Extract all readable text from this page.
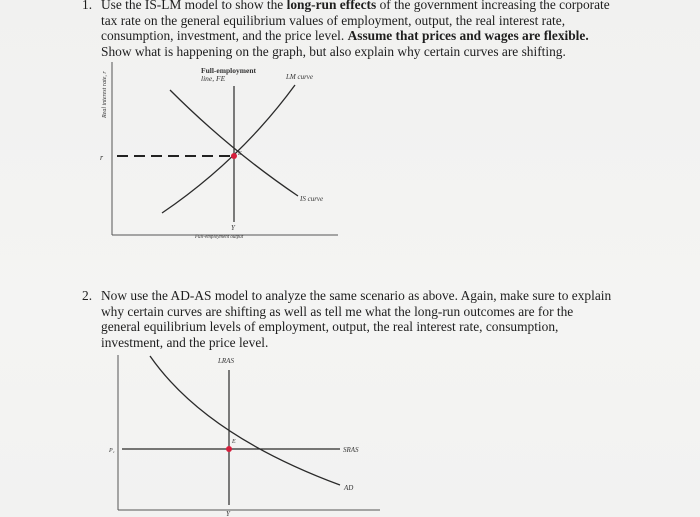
1. Use the IS-LM model to show the long-run effects of the government increasing the corporate
tax rate on the general equilibrium values of employment, output, the real interest rate,
consumption, investment, and the price level. Assume that prices and wages are flexible.
Show what is happening on the graph, but also explain why certain curves are shifting.
Real interest rate, r
Full-employment
line, FE	LM curve
r	E
IS curve
Y
Full-employment output
2. Now use the AD-AS model to analyze the same scenario as above. Again, make sure to explain
why certain curves are shifting as well as tell me what the long-run outcomes are for the
general equilibrium levels of employment, output, the real interest rate, consumption,
investment, and the price level.
LRAS
SRAS
AD
E
P₁
Y
